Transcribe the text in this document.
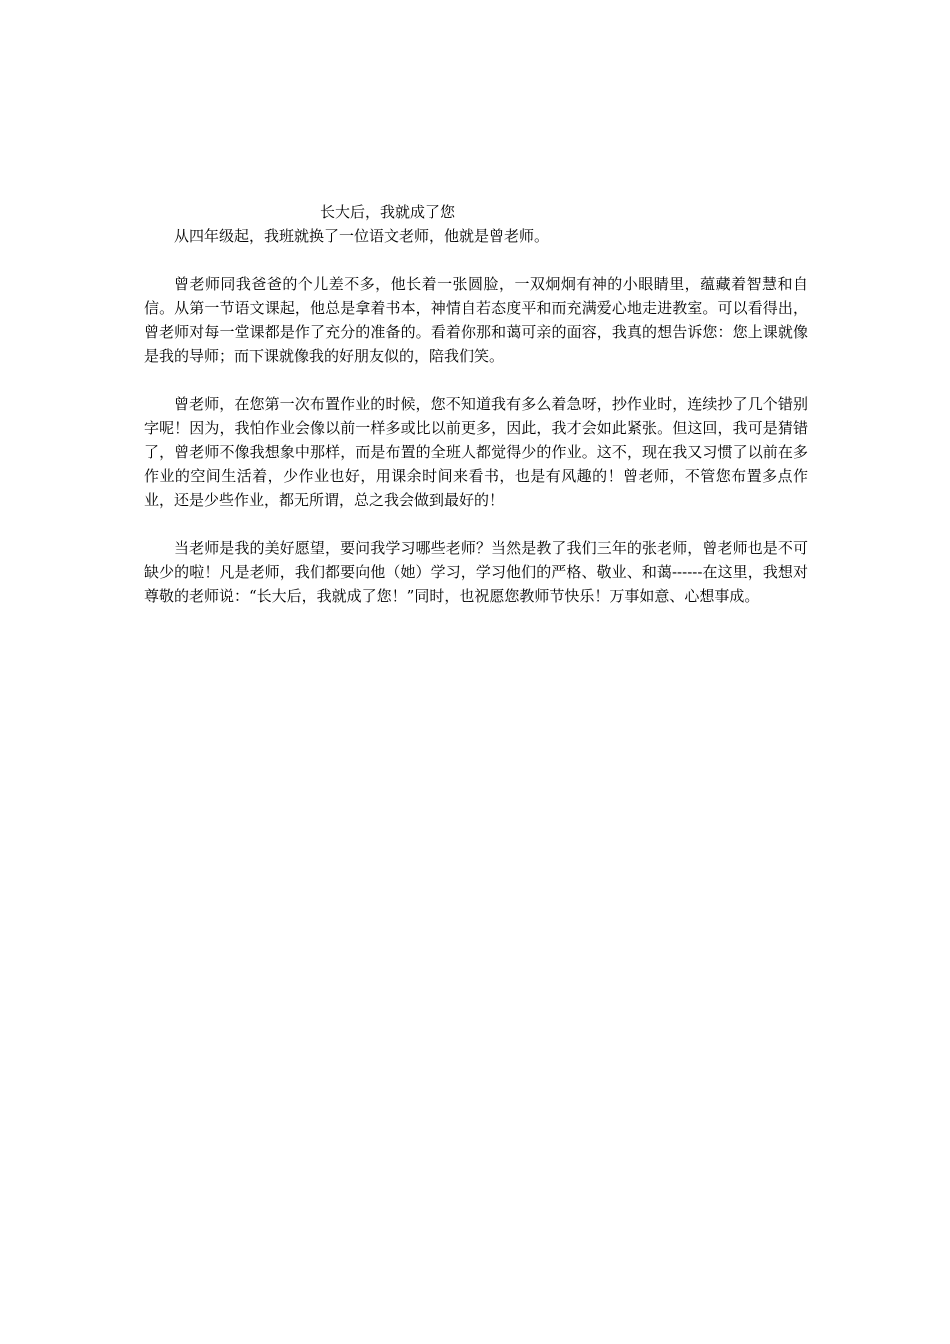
长大后，我就成了您

从四年级起，我班就换了一位语文老师，他就是曾老师。

曾老师同我爸爸的个儿差不多，他长着一张圆脸，一双炯炯有神的小眼睛里，蕴藏着智慧和自信。从第一节语文课起，他总是拿着书本，神情自若态度平和而充满爱心地走进教室。可以看得出，曾老师对每一堂课都是作了充分的准备的。看着你那和蔼可亲的面容，我真的想告诉您：您上课就像是我的导师；而下课就像我的好朋友似的，陪我们笑。

曾老师，在您第一次布置作业的时候，您不知道我有多么着急呀，抄作业时，连续抄了几个错别字呢！因为，我怕作业会像以前一样多或比以前更多，因此，我才会如此紧张。但这回，我可是猜错了，曾老师不像我想象中那样，而是布置的全班人都觉得少的作业。这不，现在我又习惯了以前在多作业的空间生活着，少作业也好，用课余时间来看书，也是有风趣的！曾老师，不管您布置多点作业，还是少些作业，都无所谓，总之我会做到最好的！

当老师是我的美好愿望，要问我学习哪些老师？当然是教了我们三年的张老师，曾老师也是不可缺少的啦！凡是老师，我们都要向他（她）学习，学习他们的严格、敬业、和蔼------在这里，我想对尊敬的老师说：“长大后，我就成了您！”同时，也祝愿您教师节快乐！万事如意、心想事成。
